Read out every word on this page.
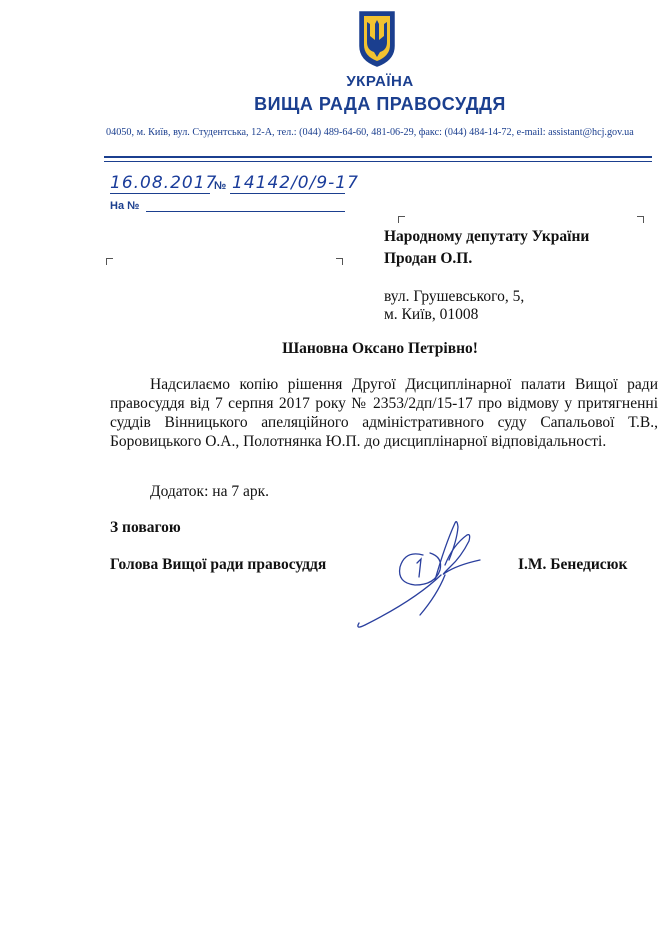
УКРАЇНА
ВИЩА РАДА ПРАВОСУДДЯ
04050, м. Київ, вул. Студентська, 12-А, тел.: (044) 489-64-60, 481-06-29, факс: (044) 484-14-72, e-mail: assistant@hcj.gov.ua
16.08.2017
№ 14142/0/9-17
На №
Народному депутату України
Продан О.П.
вул. Грушевського, 5,
м. Київ, 01008
Шановна Оксано Петрівно!
Надсилаємо копію рішення Другої Дисциплінарної палати Вищої ради правосуддя від 7 серпня 2017 року № 2353/2дп/15-17 про відмову у притягненні суддів Вінницького апеляційного адміністративного суду Сапальової Т.В., Боровицького О.А., Полотнянка Ю.П. до дисциплінарної відповідальності.
Додаток: на 7 арк.
З повагою
Голова Вищої ради правосуддя	І.М. Бенедисюк
